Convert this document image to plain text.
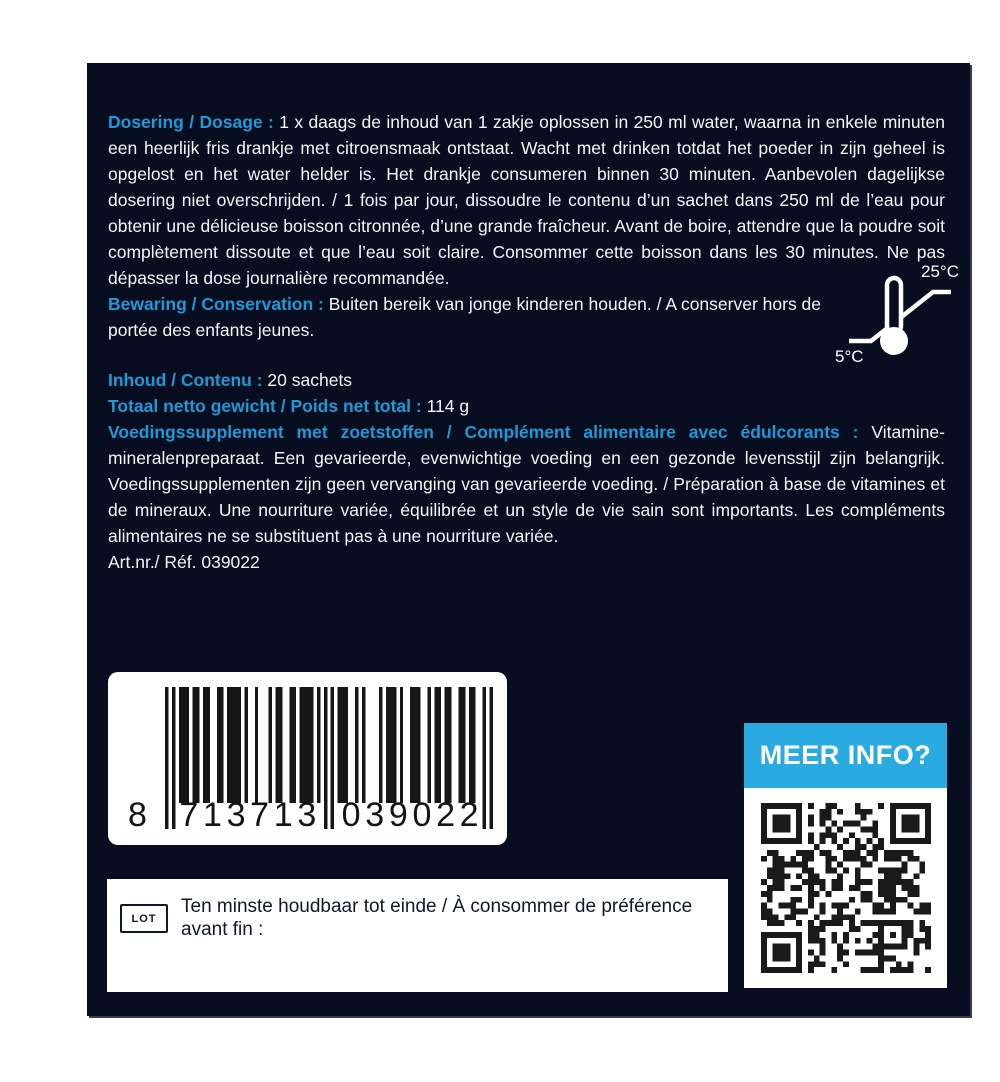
Dosering / Dosage : 1 x daags de inhoud van 1 zakje oplossen in 250 ml water, waarna in enkele minuten een heerlijk fris drankje met citroensmaak ontstaat. Wacht met drinken totdat het poeder in zijn geheel is opgelost en het water helder is. Het drankje consumeren binnen 30 minuten. Aanbevolen dagelijkse dosering niet overschrijden. / 1 fois par jour, dissoudre le contenu d’un sachet dans 250 ml de l’eau pour obtenir une délicieuse boisson citronnée, d’une grande fraîcheur. Avant de boire, attendre que la poudre soit complètement dissoute et que l’eau soit claire. Consommer cette boisson dans les 30 minutes. Ne pas dépasser la dose journalière recommandée.

Bewaring / Conservation : Buiten bereik van jonge kinderen houden. / A conserver hors de portée des enfants jeunes.
25°C
5°C

Inhoud / Contenu : 20 sachets

Totaal netto gewicht / Poids net total : 114 g

Voedingssupplement met zoetstoffen / Complément alimentaire avec édulcorants : Vitamine-mineralenpreparaat. Een gevarieerde, evenwichtige voeding en een gezonde levensstijl zijn belangrijk. Voedingssupplementen zijn geen vervanging van gevarieerde voeding. / Préparation à base de vitamines et de mineraux. Une nourriture variée, équilibrée et un style de vie sain sont importants. Les compléments alimentaires ne se substituent pas à une nourriture variée.

Art.nr./ Réf. 039022

8 7 1 3 7 1 3 0 3 9 0 2 2
MEER INFO?
LOT
Ten minste houdbaar tot einde / À consommer de préférence avant fin :
